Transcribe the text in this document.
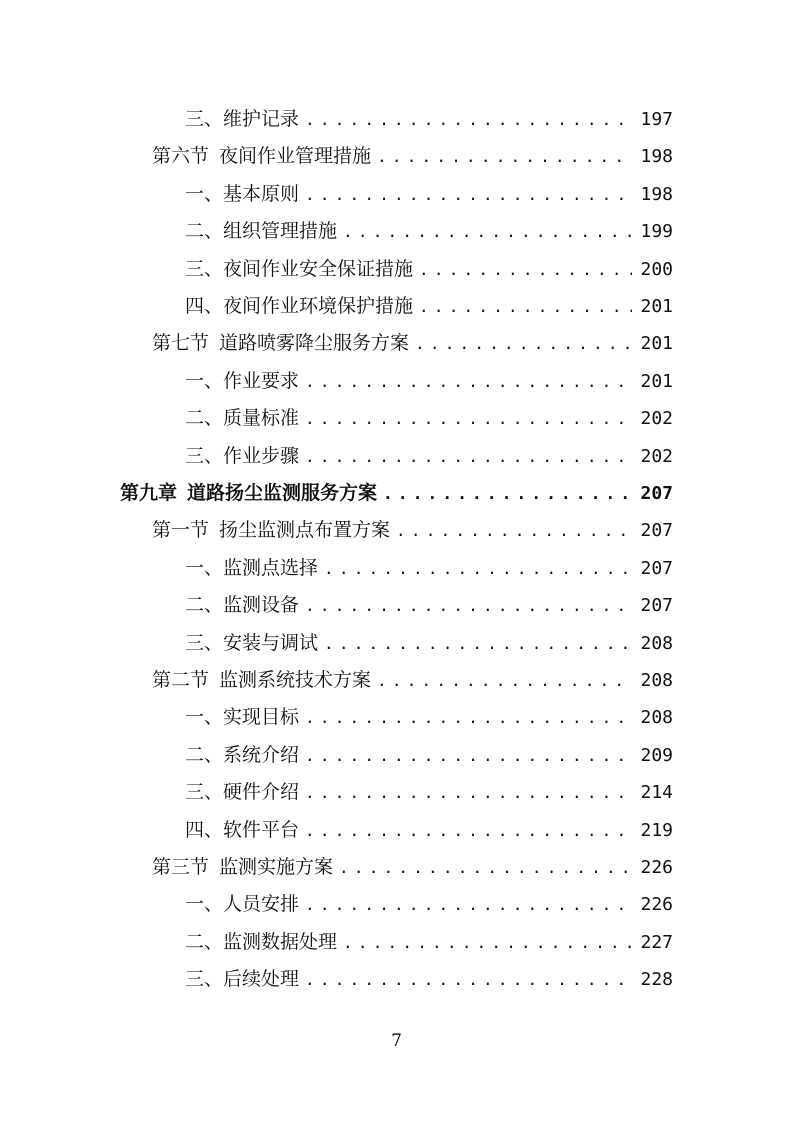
三、维护记录 .....	197
第六节 夜间作业管理措施 .....	198
一、基本原则 .....	198
二、组织管理措施 .....	199
三、夜间作业安全保证措施 .....	200
四、夜间作业环境保护措施 .....	201
第七节 道路喷雾降尘服务方案 .....	201
一、作业要求 .....	201
二、质量标准 .....	202
三、作业步骤 .....	202
第九章 道路扬尘监测服务方案 .....	207
第一节 扬尘监测点布置方案 .....	207
一、监测点选择 .....	207
二、监测设备 .....	207
三、安装与调试 .....	208
第二节 监测系统技术方案 .....	208
一、实现目标 .....	208
二、系统介绍 .....	209
三、硬件介绍 .....	214
四、软件平台 .....	219
第三节 监测实施方案 .....	226
一、人员安排 .....	226
二、监测数据处理 .....	227
三、后续处理 .....	228
7
